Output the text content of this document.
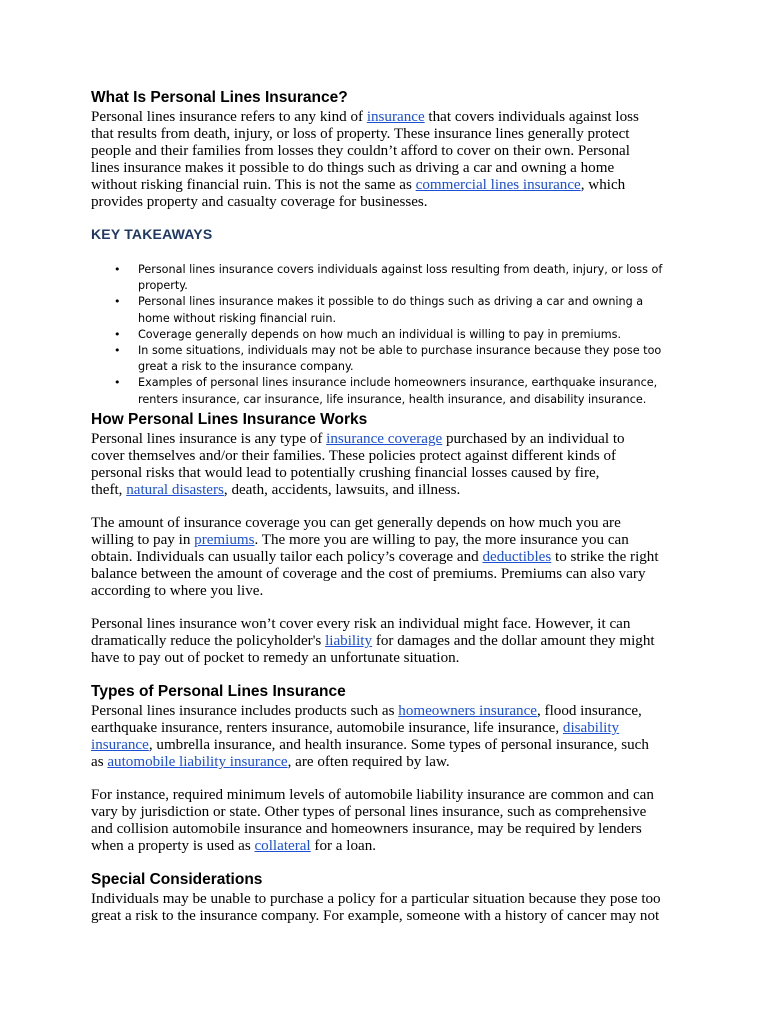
What Is Personal Lines Insurance?
Personal lines insurance refers to any kind of insurance that covers individuals against loss
that results from death, injury, or loss of property. These insurance lines generally protect
people and their families from losses they couldn’t afford to cover on their own. Personal
lines insurance makes it possible to do things such as driving a car and owning a home
without risking financial ruin. This is not the same as commercial lines insurance, which
provides property and casualty coverage for businesses.
KEY TAKEAWAYS
• Personal lines insurance covers individuals against loss resulting from death, injury, or loss of
property.
• Personal lines insurance makes it possible to do things such as driving a car and owning a
home without risking financial ruin.
• Coverage generally depends on how much an individual is willing to pay in premiums.
• In some situations, individuals may not be able to purchase insurance because they pose too
great a risk to the insurance company.
• Examples of personal lines insurance include homeowners insurance, earthquake insurance,
renters insurance, car insurance, life insurance, health insurance, and disability insurance.
How Personal Lines Insurance Works
Personal lines insurance is any type of insurance coverage purchased by an individual to
cover themselves and/or their families. These policies protect against different kinds of
personal risks that would lead to potentially crushing financial losses caused by fire,
theft, natural disasters, death, accidents, lawsuits, and illness.
The amount of insurance coverage you can get generally depends on how much you are
willing to pay in premiums. The more you are willing to pay, the more insurance you can
obtain. Individuals can usually tailor each policy’s coverage and deductibles to strike the right
balance between the amount of coverage and the cost of premiums. Premiums can also vary
according to where you live.
Personal lines insurance won’t cover every risk an individual might face. However, it can
dramatically reduce the policyholder's liability for damages and the dollar amount they might
have to pay out of pocket to remedy an unfortunate situation.
Types of Personal Lines Insurance
Personal lines insurance includes products such as homeowners insurance, flood insurance,
earthquake insurance, renters insurance, automobile insurance, life insurance, disability
insurance, umbrella insurance, and health insurance. Some types of personal insurance, such
as automobile liability insurance, are often required by law.
For instance, required minimum levels of automobile liability insurance are common and can
vary by jurisdiction or state. Other types of personal lines insurance, such as comprehensive
and collision automobile insurance and homeowners insurance, may be required by lenders
when a property is used as collateral for a loan.
Special Considerations
Individuals may be unable to purchase a policy for a particular situation because they pose too
great a risk to the insurance company. For example, someone with a history of cancer may not
